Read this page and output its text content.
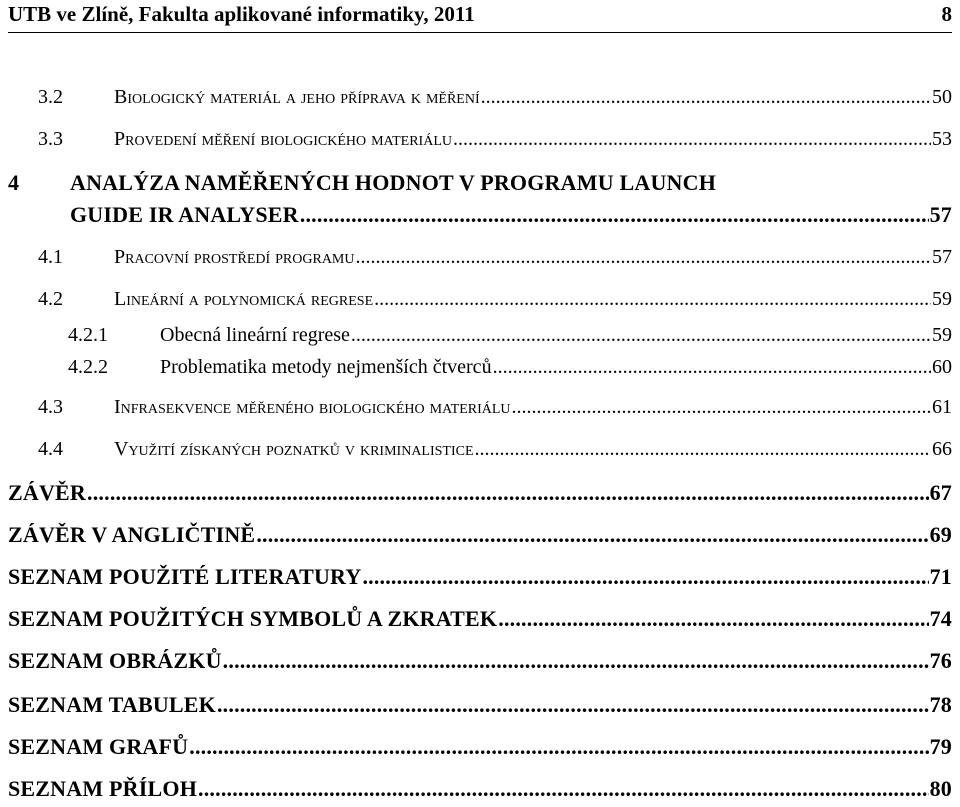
UTB ve Zlíně, Fakulta aplikované informatiky, 2011	8
3.2	Biologický materiál a jeho příprava k měření .....	50
3.3	Provedení měření biologického materiálu .....	53
4 ANALÝZA NAMĚŘENÝCH HODNOT V PROGRAMU LAUNCH
GUIDE IR ANALYSER .....	57
4.1	Pracovní prostředí programu .....	57
4.2	Lineární a polynomická regrese .....	59
4.2.1	Obecná lineární regrese .....	59
4.2.2	Problematika metody nejmenších čtverců .....	60
4.3	Infrasekvence měřeného biologického materiálu .....	61
4.4	Využití získaných poznatků v kriminalistice .....	66
ZÁVĚR .....	67
ZÁVĚR V ANGLIČTINĚ .....	69
SEZNAM POUŽITÉ LITERATURY .....	71
SEZNAM POUŽITÝCH SYMBOLŮ A ZKRATEK .....	74
SEZNAM OBRÁZKŮ .....	76
SEZNAM TABULEK .....	78
SEZNAM GRAFŮ .....	79
SEZNAM PŘÍLOH .....	80
